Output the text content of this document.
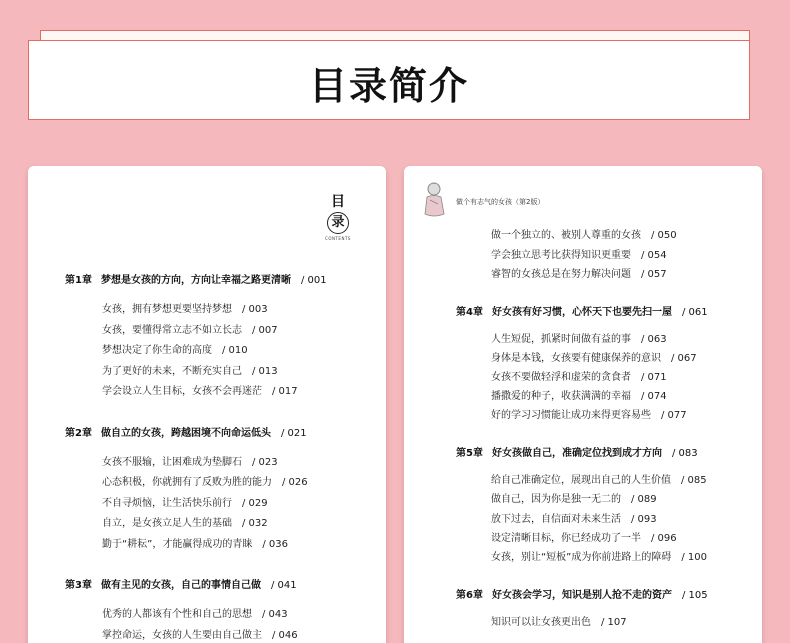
目录简介
目
录
CONTENTS
第1章 梦想是女孩的方向，方向让幸福之路更清晰 / 001
女孩，拥有梦想更要坚持梦想 / 003
女孩，要懂得常立志不如立长志 / 007
梦想决定了你生命的高度 / 010
为了更好的未来，不断充实自己 / 013
学会设立人生目标，女孩不会再迷茫 / 017
第2章 做自立的女孩，跨越困境不向命运低头 / 021
女孩不服输，让困难成为垫脚石 / 023
心态积极，你就拥有了反败为胜的能力 / 026
不自寻烦恼，让生活快乐前行 / 029
自立，是女孩立足人生的基础 / 032
勤于“耕耘”，才能赢得成功的青睐 / 036
第3章 做有主见的女孩，自己的事情自己做 / 041
优秀的人都该有个性和自己的思想 / 043
掌控命运，女孩的人生要由自己做主 / 046
做个有志气的女孩（第2版）
做一个独立的、被别人尊重的女孩 / 050
学会独立思考比获得知识更重要 / 054
睿智的女孩总是在努力解决问题 / 057
第4章 好女孩有好习惯，心怀天下也要先扫一屋 / 061
人生短促，抓紧时间做有益的事 / 063
身体是本钱，女孩要有健康保养的意识 / 067
女孩不要做轻浮和虚荣的贪食者 / 071
播撒爱的种子，收获满满的幸福 / 074
好的学习习惯能让成功来得更容易些 / 077
第5章 好女孩做自己，准确定位找到成才方向 / 083
给自己准确定位，展现出自己的人生价值 / 085
做自己，因为你是独一无二的 / 089
放下过去，自信面对未来生活 / 093
设定清晰目标，你已经成功了一半 / 096
女孩，别让“短板”成为你前进路上的障碍 / 100
第6章 好女孩会学习，知识是别人抢不走的资产 / 105
知识可以让女孩更出色 / 107
